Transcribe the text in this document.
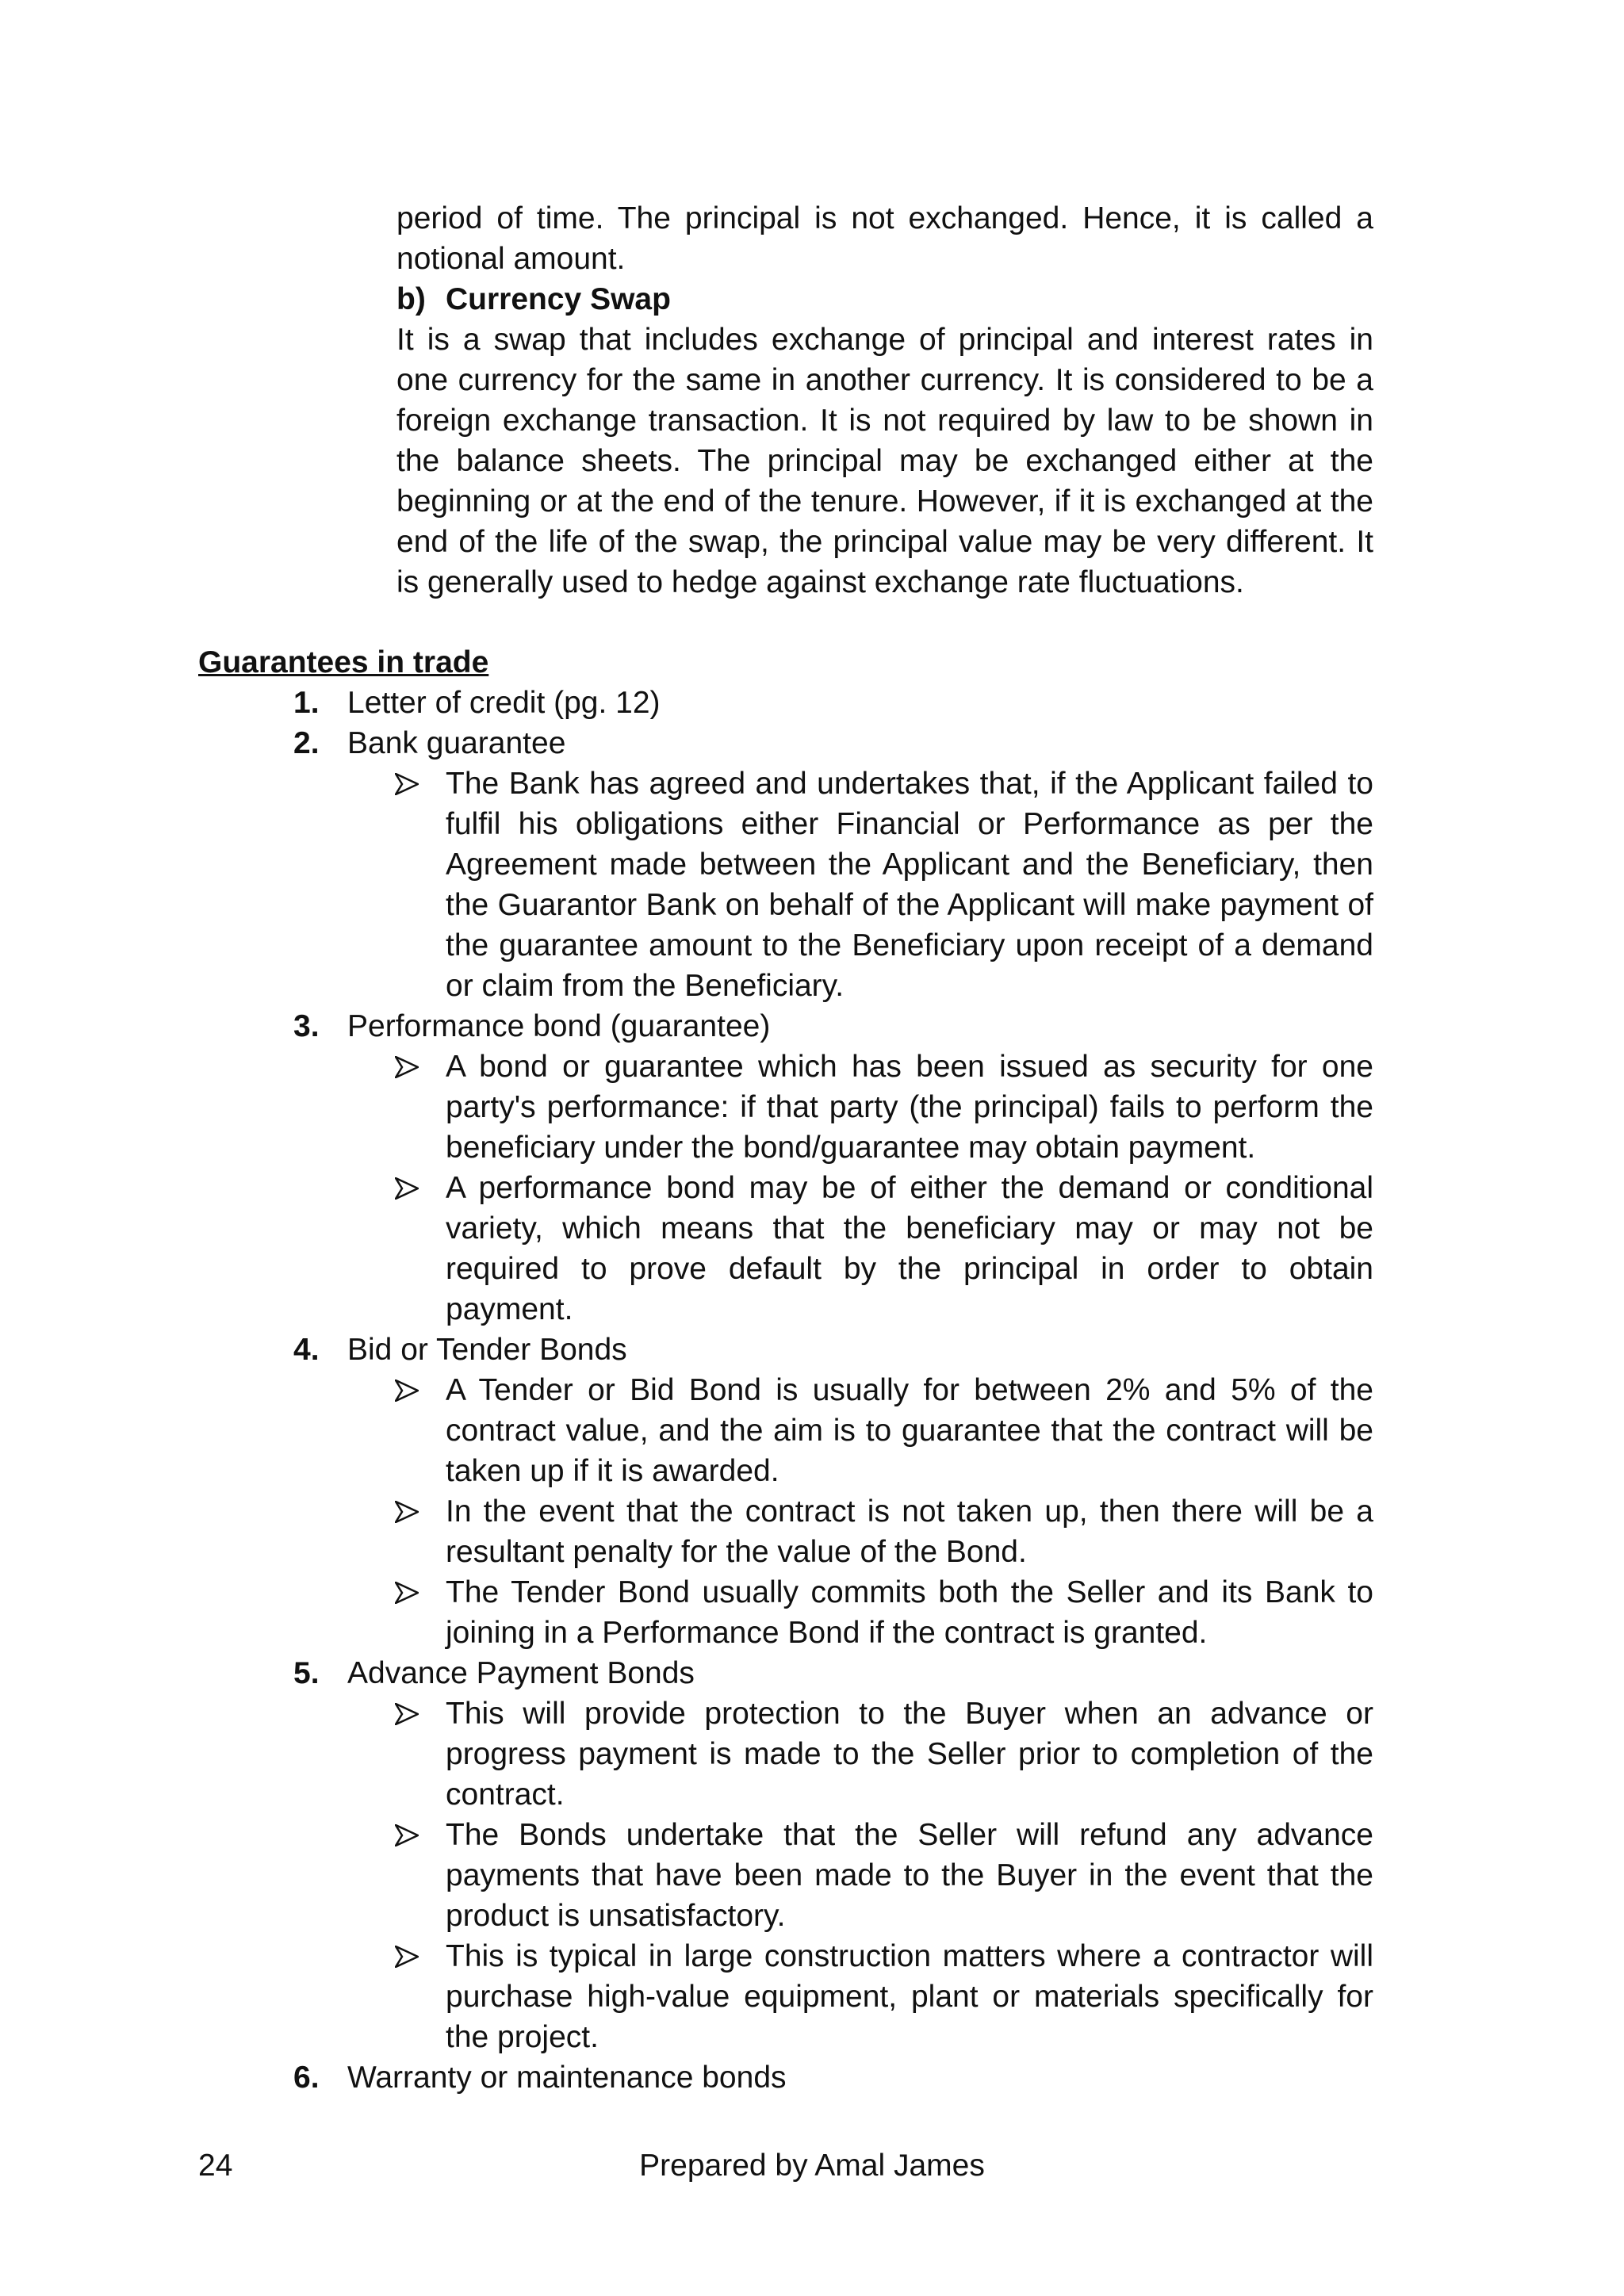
period of time. The principal is not exchanged. Hence, it is called a notional amount.
b) Currency Swap
It is a swap that includes exchange of principal and interest rates in one currency for the same in another currency. It is considered to be a foreign exchange transaction. It is not required by law to be shown in the balance sheets. The principal may be exchanged either at the beginning or at the end of the tenure. However, if it is exchanged at the end of the life of the swap, the principal value may be very different. It is generally used to hedge against exchange rate fluctuations.
Guarantees in trade
1. Letter of credit (pg. 12)
2. Bank guarantee
The Bank has agreed and undertakes that, if the Applicant failed to fulfil his obligations either Financial or Performance as per the Agreement made between the Applicant and the Beneficiary, then the Guarantor Bank on behalf of the Applicant will make payment of the guarantee amount to the Beneficiary upon receipt of a demand or claim from the Beneficiary.
3. Performance bond (guarantee)
A bond or guarantee which has been issued as security for one party's performance: if that party (the principal) fails to perform the beneficiary under the bond/guarantee may obtain payment.
A performance bond may be of either the demand or conditional variety, which means that the beneficiary may or may not be required to prove default by the principal in order to obtain payment.
4. Bid or Tender Bonds
A Tender or Bid Bond is usually for between 2% and 5% of the contract value, and the aim is to guarantee that the contract will be taken up if it is awarded.
In the event that the contract is not taken up, then there will be a resultant penalty for the value of the Bond.
The Tender Bond usually commits both the Seller and its Bank to joining in a Performance Bond if the contract is granted.
5. Advance Payment Bonds
This will provide protection to the Buyer when an advance or progress payment is made to the Seller prior to completion of the contract.
The Bonds undertake that the Seller will refund any advance payments that have been made to the Buyer in the event that the product is unsatisfactory.
This is typical in large construction matters where a contractor will purchase high-value equipment, plant or materials specifically for the project.
6. Warranty or maintenance bonds
24	Prepared by Amal James
